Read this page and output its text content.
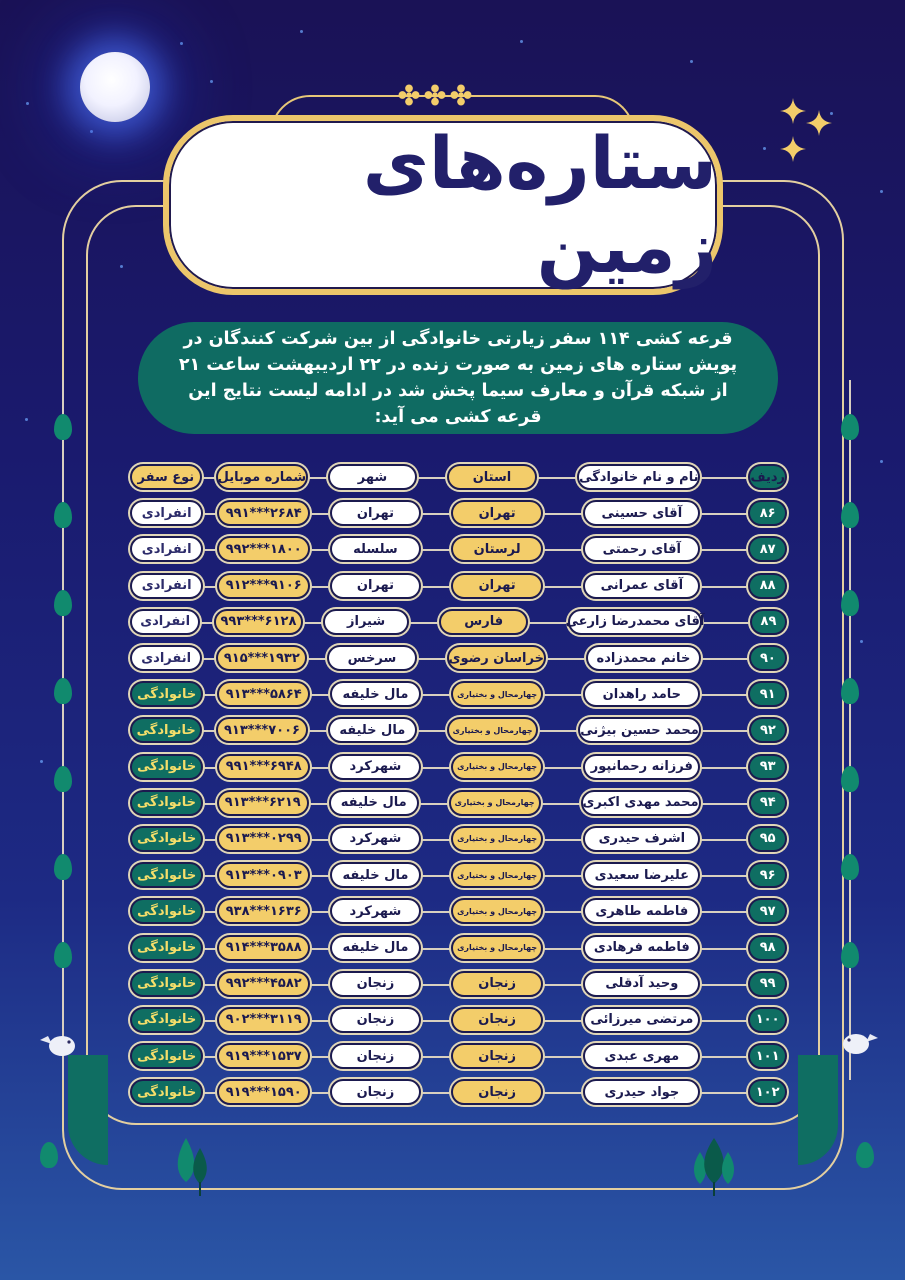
ستاره‌های زمین

قرعه کشی ۱۱۴ سفر زیارتی خانوادگی از بین شرکت کنندگان در پویش ستاره های زمین به صورت زنده در ۲۲ اردیبهشت ساعت ۲۱ از شبکه قرآن و معارف سیما پخش شد در ادامه لیست نتایج این قرعه کشی می آید:

ردیف
نام و نام خانوادگی
استان
شهر
شماره موبایل
نوع سفر
۸۶
آقای حسینی
تهران
تهران
۹۹۱***۲۶۸۴
انفرادی
۸۷
آقای رحمتی
لرستان
سلسله
۹۹۲***۱۸۰۰
انفرادی
۸۸
آقای عمرانی
تهران
تهران
۹۱۲***۹۱۰۶
انفرادی
۸۹
آقای محمدرضا زارعی
فارس
شیراز
۹۹۳***۶۱۲۸
انفرادی
۹۰
خانم محمدزاده
خراسان رضوی
سرخس
۹۱۵***۱۹۳۲
انفرادی
۹۱
حامد راهدان
چهارمحال و بختیاری
مال خلیفه
۹۱۳***۵۸۶۴
خانوادگی
۹۲
محمد حسین بیژنی
چهارمحال و بختیاری
مال خلیفه
۹۱۳***۷۰۰۶
خانوادگی
۹۳
فرزانه رحمانپور
چهارمحال و بختیاری
شهرکرد
۹۹۱***۶۹۴۸
خانوادگی
۹۴
محمد مهدی اکبری
چهارمحال و بختیاری
مال خلیفه
۹۱۳***۶۲۱۹
خانوادگی
۹۵
اشرف حیدری
چهارمحال و بختیاری
شهرکرد
۹۱۳***۰۲۹۹
خانوادگی
۹۶
علیرضا سعیدی
چهارمحال و بختیاری
مال خلیفه
۹۱۳***۰۹۰۳
خانوادگی
۹۷
فاطمه طاهری
چهارمحال و بختیاری
شهرکرد
۹۳۸***۱۶۳۶
خانوادگی
۹۸
فاطمه فرهادی
چهارمحال و بختیاری
مال خلیفه
۹۱۴***۳۵۸۸
خانوادگی
۹۹
وحید آدقلی
زنجان
زنجان
۹۹۲***۴۵۸۲
خانوادگی
۱۰۰
مرتضی میرزائی
زنجان
زنجان
۹۰۲***۳۱۱۹
خانوادگی
۱۰۱
مهری عبدی
زنجان
زنجان
۹۱۹***۱۵۳۷
خانوادگی
۱۰۲
جواد حیدری
زنجان
زنجان
۹۱۹***۱۵۹۰
خانوادگی
